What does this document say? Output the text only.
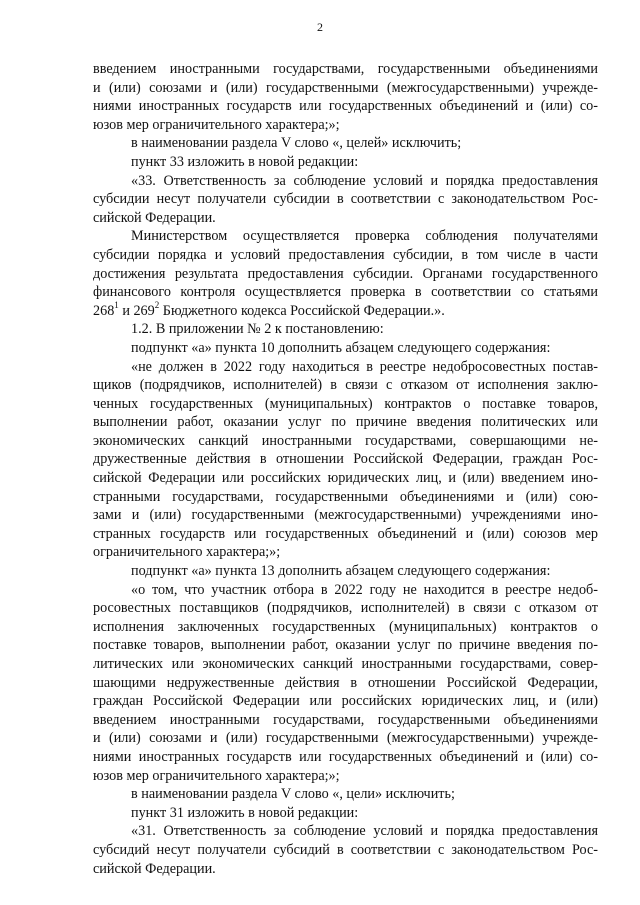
2
введением иностранными государствами, государственными объединениями
и (или) союзами и (или) государственными (межгосударственными) учрежде-
ниями иностранных государств или государственных объединений и (или) со-
юзов мер ограничительного характера;»;
в наименовании раздела V слово «, целей» исключить;
пункт 33 изложить в новой редакции:
«33. Ответственность за соблюдение условий и порядка предоставления
субсидии несут получатели субсидии в соответствии с законодательством Рос-
сийской Федерации.
Министерством осуществляется проверка соблюдения получателями
субсидии порядка и условий предоставления субсидии, в том числе в части
достижения результата предоставления субсидии. Органами государственного
финансового контроля осуществляется проверка в соответствии со статьями
$268^1$ и $269^2$ Бюджетного кодекса Российской Федерации.».
1.2. В приложении № 2 к постановлению:
подпункт «а» пункта 10 дополнить абзацем следующего содержания:
«не должен в 2022 году находиться в реестре недобросовестных постав-
щиков (подрядчиков, исполнителей) в связи с отказом от исполнения заклю-
ченных государственных (муниципальных) контрактов о поставке товаров,
выполнении работ, оказании услуг по причине введения политических или
экономических санкций иностранными государствами, совершающими не-
дружественные действия в отношении Российской Федерации, граждан Рос-
сийской Федерации или российских юридических лиц, и (или) введением ино-
странными государствами, государственными объединениями и (или) сою-
зами и (или) государственными (межгосударственными) учреждениями ино-
странных государств или государственных объединений и (или) союзов мер
ограничительного характера;»;
подпункт «а» пункта 13 дополнить абзацем следующего содержания:
«о том, что участник отбора в 2022 году не находится в реестре недоб-
росовестных поставщиков (подрядчиков, исполнителей) в связи с отказом от
исполнения заключенных государственных (муниципальных) контрактов о
поставке товаров, выполнении работ, оказании услуг по причине введения по-
литических или экономических санкций иностранными государствами, совер-
шающими недружественные действия в отношении Российской Федерации,
граждан Российской Федерации или российских юридических лиц, и (или)
введением иностранными государствами, государственными объединениями
и (или) союзами и (или) государственными (межгосударственными) учрежде-
ниями иностранных государств или государственных объединений и (или) со-
юзов мер ограничительного характера;»;
в наименовании раздела V слово «, цели» исключить;
пункт 31 изложить в новой редакции:
«31. Ответственность за соблюдение условий и порядка предоставления
субсидий несут получатели субсидий в соответствии с законодательством Рос-
сийской Федерации.
